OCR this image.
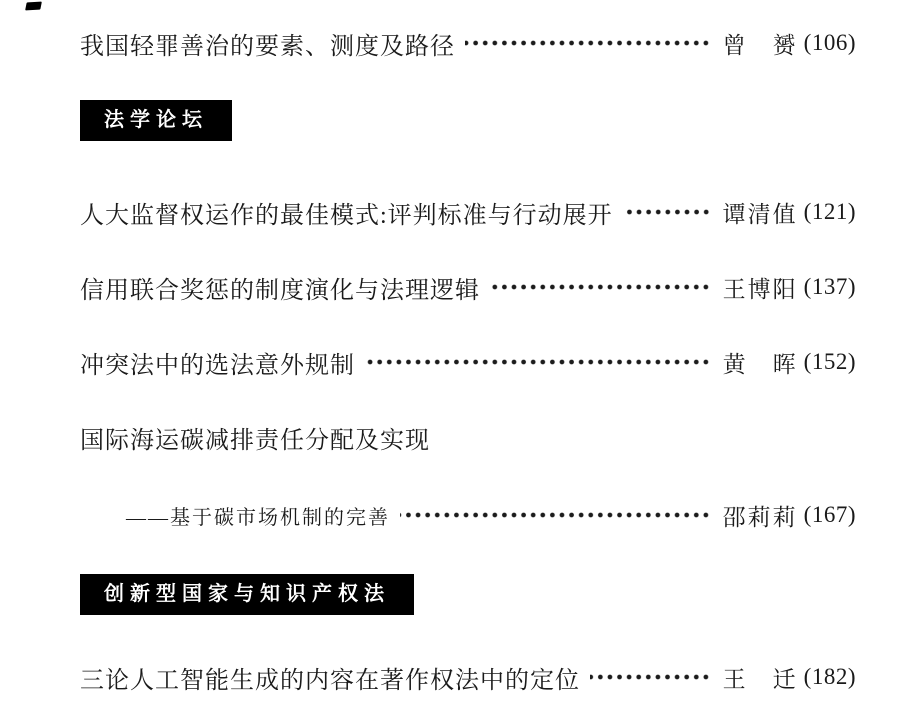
我国轻罪善治的要素、测度及路径	曾　赟 (106)
法学论坛
人大监督权运作的最佳模式:评判标准与行动展开	谭清值 (121)
信用联合奖惩的制度演化与法理逻辑	王博阳 (137)
冲突法中的选法意外规制	黄　晖 (152)
国际海运碳减排责任分配及实现
——基于碳市场机制的完善	邵莉莉 (167)
创新型国家与知识产权法
三论人工智能生成的内容在著作权法中的定位	王　迁 (182)
